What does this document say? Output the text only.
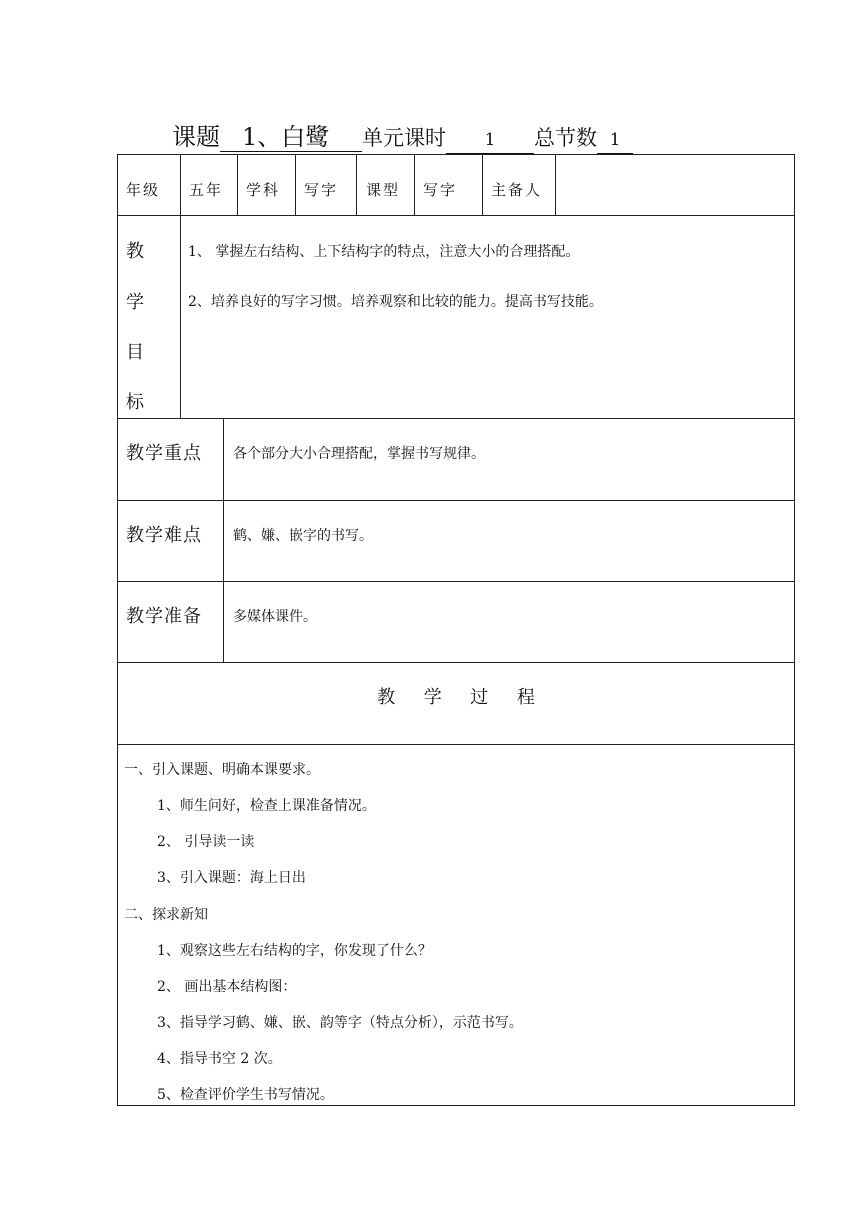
课题 1、白鹭 单元课时 1 总节数 1
年级 五年 学科 写字 课型 写字 主备人
教
学
目
标
1、 掌握左右结构、上下结构字的特点，注意大小的合理搭配。
2、培养良好的写字习惯。培养观察和比较的能力。提高书写技能。
教学重点 各个部分大小合理搭配，掌握书写规律。
教学难点 鹤、嫌、嵌字的书写。
教学准备 多媒体课件。
教 学 过 程
一、引入课题、明确本课要求。
1、师生问好，检查上课准备情况。
2、 引导读一读
3、引入课题：海上日出
二、探求新知
1、观察这些左右结构的字，你发现了什么？
2、 画出基本结构图：
3、指导学习鹤、嫌、嵌、韵等字（特点分析），示范书写。
4、指导书空 2 次。
5、检查评价学生书写情况。
